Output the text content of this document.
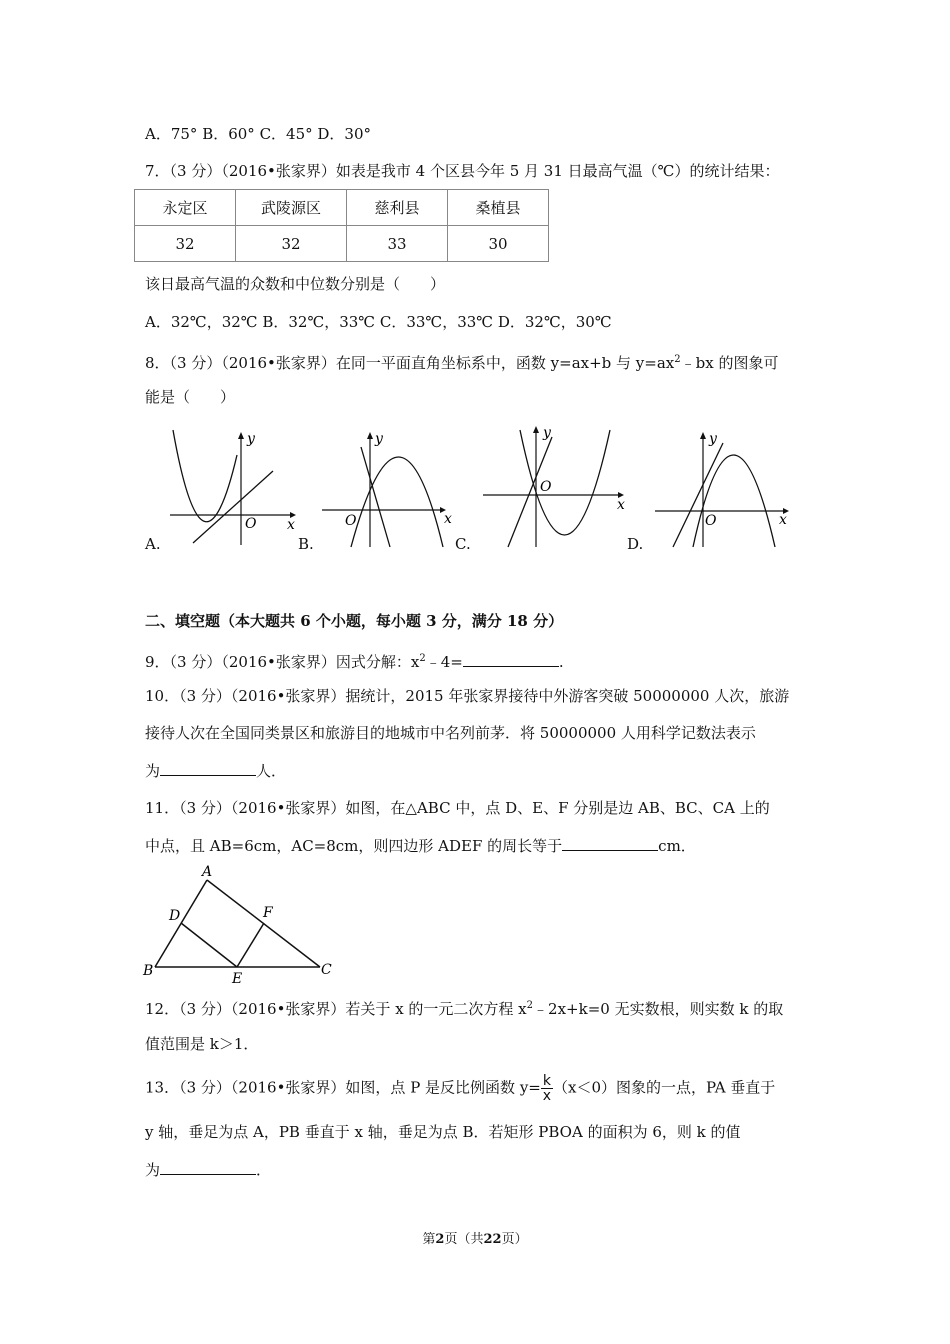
A．75° B．60° C．45° D．30°
7．（3 分）（2016•张家界）如表是我市 4 个区县今年 5 月 31 日最高气温（℃）的统计结果：
永定区	武陵源区	慈利县	桑植县
32	32	33	30
该日最高气温的众数和中位数分别是（　　）
A．32℃，32℃ B．32℃，33℃ C．33℃，33℃ D．32℃，30℃
8．（3 分）（2016•张家界）在同一平面直角坐标系中，函数 y=ax+b 与 $y=ax^2﹣bx$ 的图象可
能是（　　）
x
y
O
A.
x
y
O
B.
x
y
O
C.
x
y
O
D.
二、填空题（本大题共 6 个小题，每小题 3 分，满分 18 分）
9．（3 分）（2016•张家界）因式分解：$x^2﹣4=$	.
10．（3 分）（2016•张家界）据统计，2015 年张家界接待中外游客突破 50000000 人次，旅游
接待人次在全国同类景区和旅游目的地城市中名列前茅．将 50000000 人用科学记数法表示
为	人．
11．（3 分）（2016•张家界）如图，在△ABC 中，点 D、E、F 分别是边 AB、BC、CA 上的
中点，且 AB=6cm，AC=8cm，则四边形 ADEF 的周长等于	cm．
A
B	C
D
E
F
12．（3 分）（2016•张家界）若关于 x 的一元二次方程 $x^2﹣2x+k=0$ 无实数根，则实数 k 的取
值范围是 k＞1．
13．（3 分）（2016•张家界）如图，点 P 是反比例函数 $y= \frac{k}{x} (x<0)$图象的一点，PA 垂直于
y 轴，垂足为点 A，PB 垂直于 x 轴，垂足为点 B．若矩形 PBOA 的面积为 6，则 k 的值
为	．
第2页（共22页）
